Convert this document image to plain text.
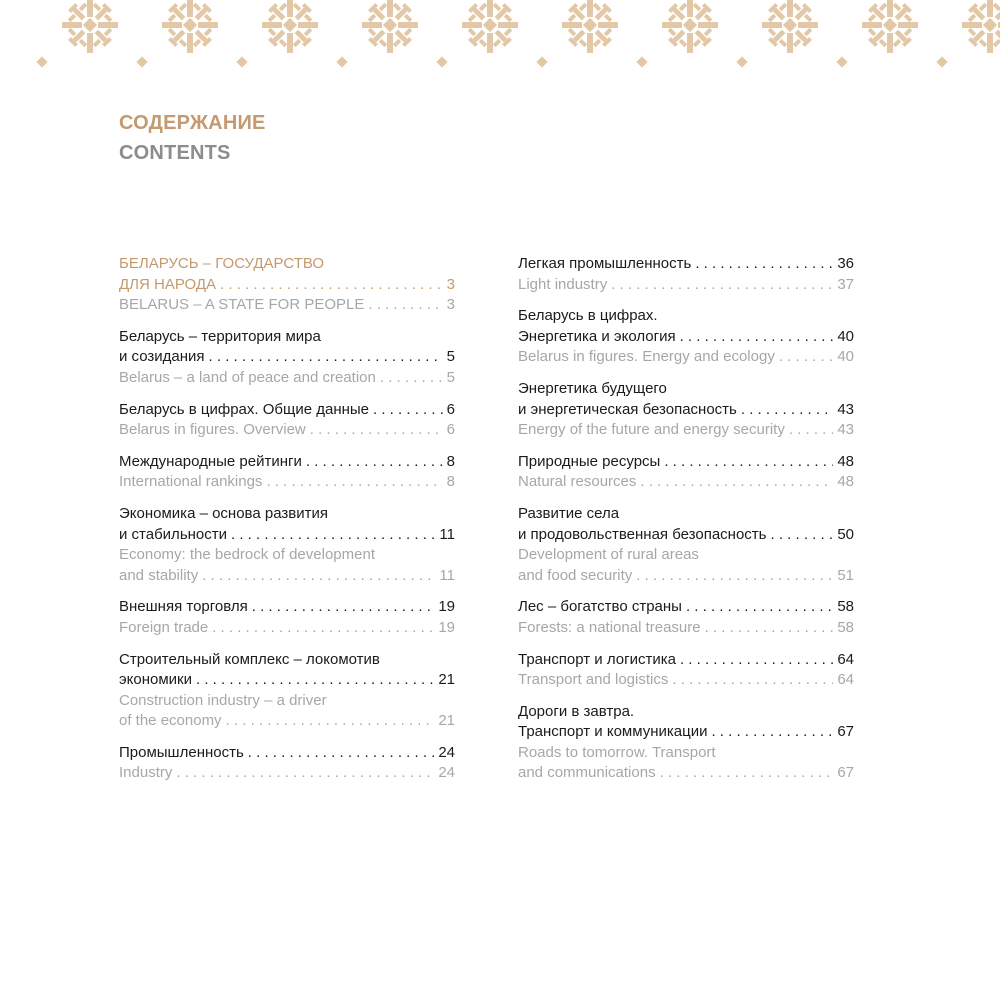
СОДЕРЖАНИЕ
CONTENTS
БЕЛАРУСЬ – ГОСУДАРСТВО
ДЛЯ НАРОДА . . .	3
BELARUS – A STATE FOR PEOPLE . . .	3
Беларусь – территория мира
и созидания . . .	5
Belarus – a land of peace and creation . . .	5
Беларусь в цифрах. Общие данные . . .	6
Belarus in figures. Overview . . .	6
Международные рейтинги . . .	8
International rankings . . .	8
Экономика – основа развития
и стабильности . . .	11
Economy: the bedrock of development
and stability . . .	11
Внешняя торговля . . .	19
Foreign trade . . .	19
Строительный комплекс – локомотив
экономики . . .	21
Construction industry – a driver
of the economy . . .	21
Промышленность . . .	24
Industry . . .	24
Легкая промышленность . . .	36
Light industry . . .	37
Беларусь в цифрах.
Энергетика и экология . . .	40
Belarus in figures. Energy and ecology . . .	40
Энергетика будущего
и энергетическая безопасность . . .	43
Energy of the future and energy security . . .	43
Природные ресурсы . . .	48
Natural resources . . .	48
Развитие села
и продовольственная безопасность . . .	50
Development of rural areas
and food security . . .	51
Лес – богатство страны . . .	58
Forests: a national treasure . . .	58
Транспорт и логистика . . .	64
Transport and logistics . . .	64
Дороги в завтра.
Транспорт и коммуникации . . .	67
Roads to tomorrow. Transport
and communications . . .	67
